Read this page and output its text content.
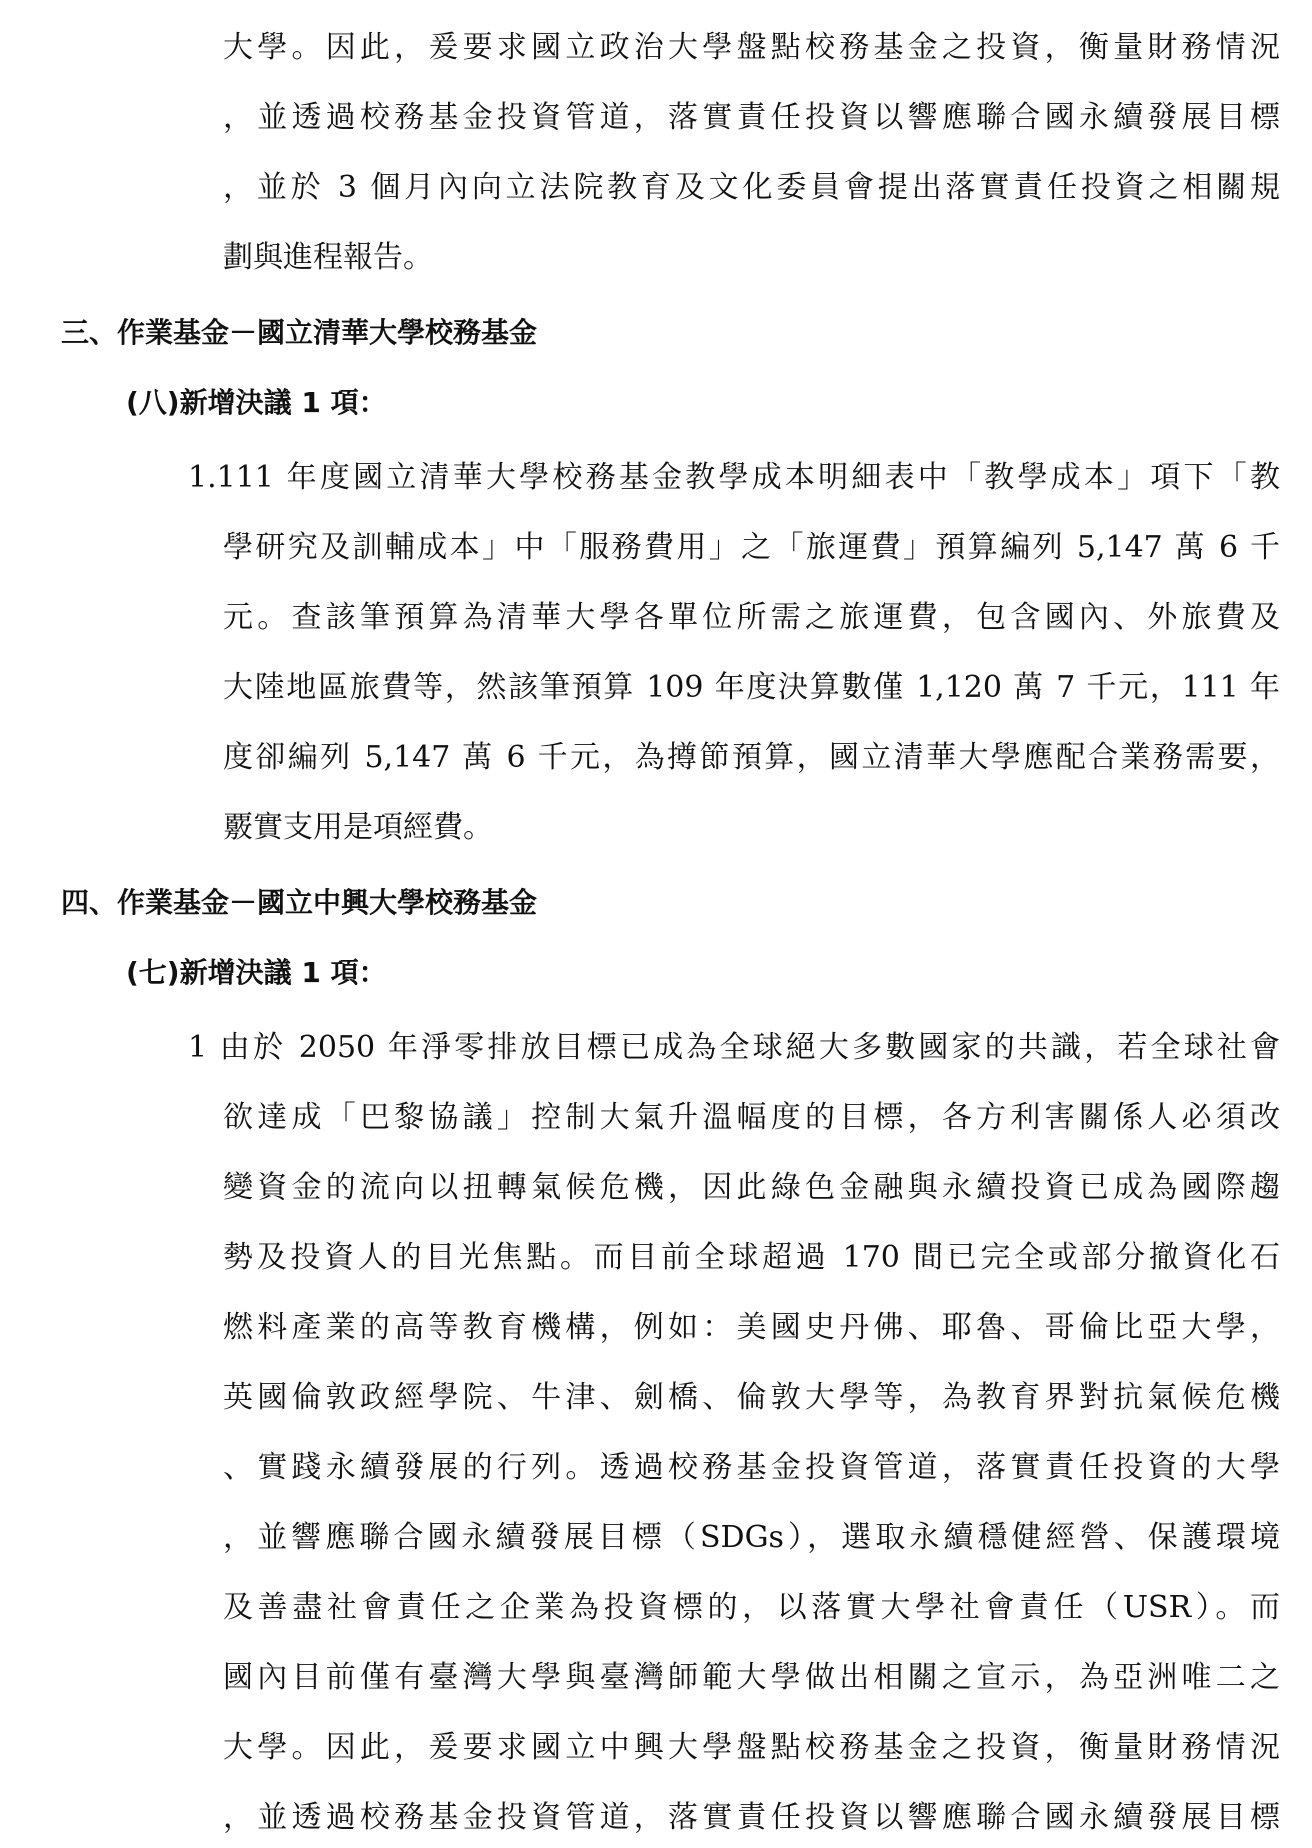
大學。因此，爰要求國立政治大學盤點校務基金之投資，衡量財務情況
，並透過校務基金投資管道，落實責任投資以響應聯合國永續發展目標
，並於 3 個月內向立法院教育及文化委員會提出落實責任投資之相關規
劃與進程報告。
三、作業基金－國立清華大學校務基金
(八)新增決議 1 項：
1.111 年度國立清華大學校務基金教學成本明細表中「教學成本」項下「教
學研究及訓輔成本」中「服務費用」之「旅運費」預算編列 5,147 萬 6 千
元。查該筆預算為清華大學各單位所需之旅運費，包含國內、外旅費及
大陸地區旅費等，然該筆預算 109 年度決算數僅 1,120 萬 7 千元，111 年
度卻編列 5,147 萬 6 千元，為撙節預算，國立清華大學應配合業務需要，
覈實支用是項經費。
四、作業基金－國立中興大學校務基金
(七)新增決議 1 項：
1 由於 2050 年淨零排放目標已成為全球絕大多數國家的共識，若全球社會
欲達成「巴黎協議」控制大氣升溫幅度的目標，各方利害關係人必須改
變資金的流向以扭轉氣候危機，因此綠色金融與永續投資已成為國際趨
勢及投資人的目光焦點。而目前全球超過 170 間已完全或部分撤資化石
燃料產業的高等教育機構，例如：美國史丹佛、耶魯、哥倫比亞大學，
英國倫敦政經學院、牛津、劍橋、倫敦大學等，為教育界對抗氣候危機
、實踐永續發展的行列。透過校務基金投資管道，落實責任投資的大學
，並響應聯合國永續發展目標（SDGs），選取永續穩健經營、保護環境
及善盡社會責任之企業為投資標的，以落實大學社會責任（USR）。而
國內目前僅有臺灣大學與臺灣師範大學做出相關之宣示，為亞洲唯二之
大學。因此，爰要求國立中興大學盤點校務基金之投資，衡量財務情況
，並透過校務基金投資管道，落實責任投資以響應聯合國永續發展目標
